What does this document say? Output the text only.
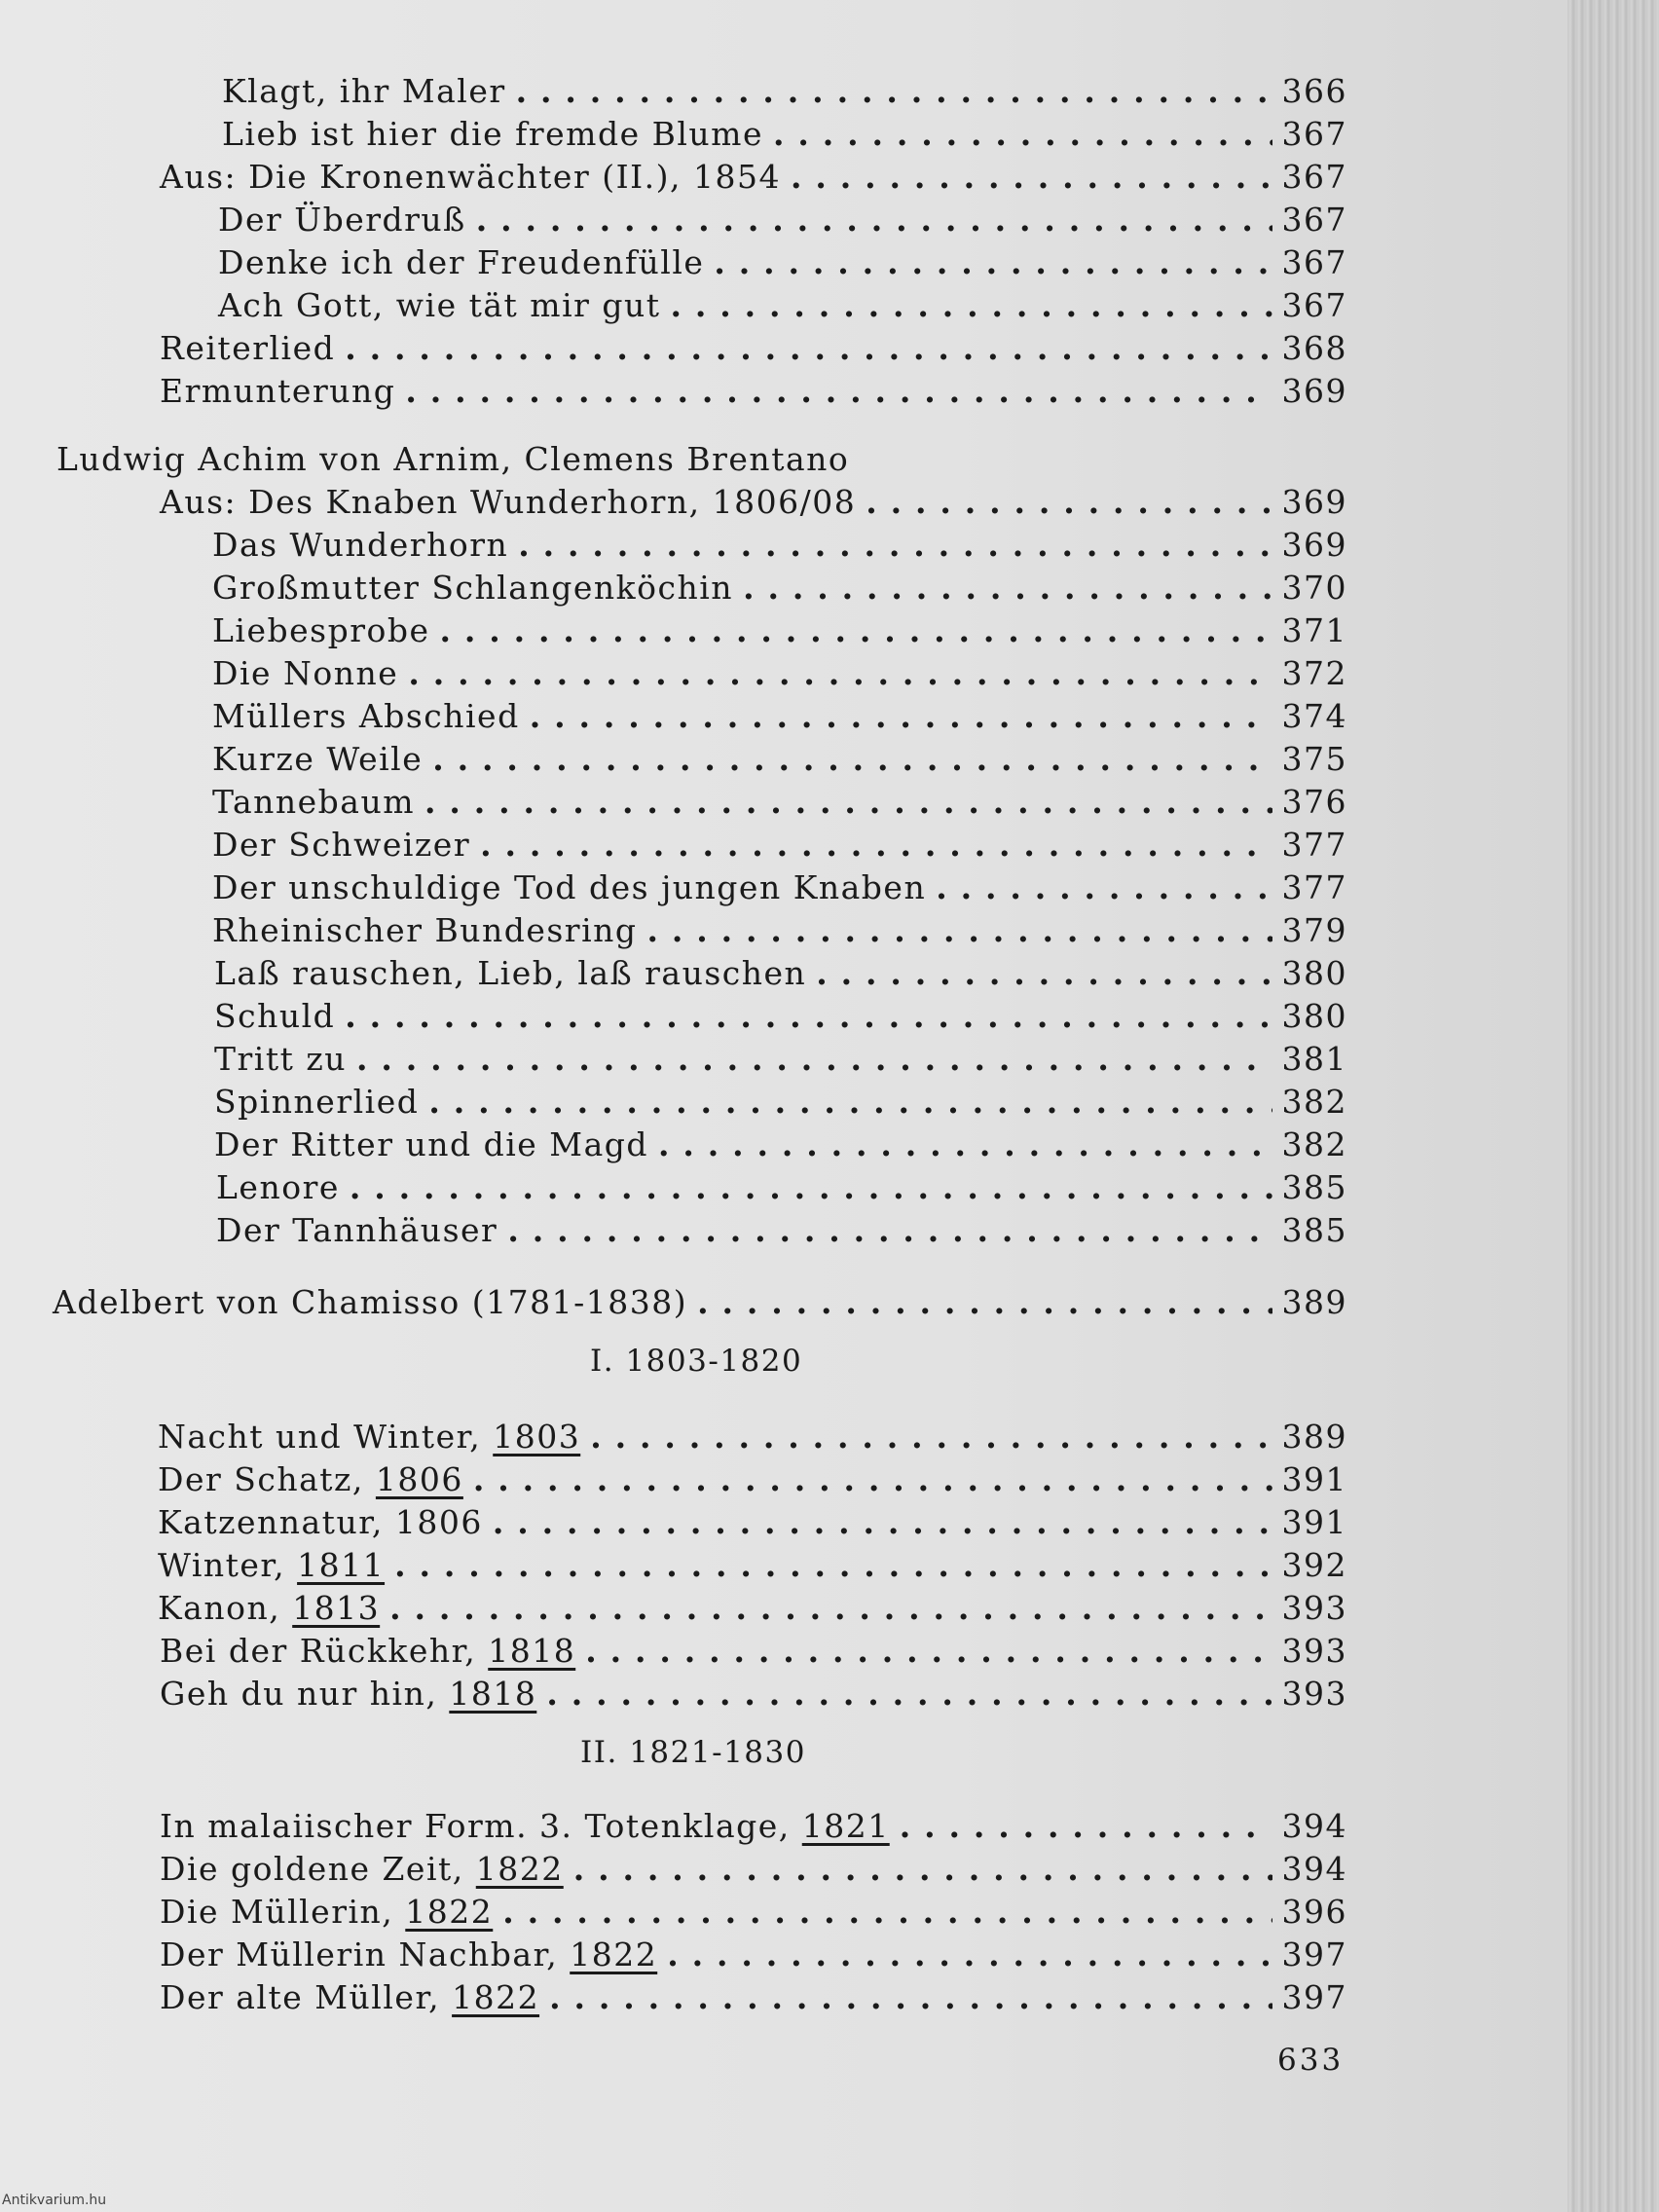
Klagt, ihr Maler . . .	366
Lieb ist hier die fremde Blume . . .	367
Aus: Die Kronenwächter (II.), 1854 . . .	367
Der Überdruß . . .	367
Denke ich der Freudenfülle . . .	367
Ach Gott, wie tät mir gut . . .	367
Reiterlied . . .	368
Ermunterung . . .	369
Ludwig Achim von Arnim, Clemens Brentano
Aus: Des Knaben Wunderhorn, 1806/08 . . .	369
Das Wunderhorn . . .	369
Großmutter Schlangenköchin . . .	370
Liebesprobe . . .	371
Die Nonne . . .	372
Müllers Abschied . . .	374
Kurze Weile . . .	375
Tannebaum . . .	376
Der Schweizer . . .	377
Der unschuldige Tod des jungen Knaben . . .	377
Rheinischer Bundesring . . .	379
Laß rauschen, Lieb, laß rauschen . . .	380
Schuld . . .	380
Tritt zu . . .	381
Spinnerlied . . .	382
Der Ritter und die Magd . . .	382
Lenore . . .	385
Der Tannhäuser . . .	385
Adelbert von Chamisso (1781-1838) . . .	389
I. 1803-1820
Nacht und Winter, 1803 . . .	389
Der Schatz, 1806 . . .	391
Katzennatur, 1806 . . .	391
Winter, 1811 . . .	392
Kanon, 1813 . . .	393
Bei der Rückkehr, 1818 . . .	393
Geh du nur hin, 1818 . . .	393
II. 1821-1830
In malaiischer Form. 3. Totenklage, 1821 . . .	394
Die goldene Zeit, 1822 . . .	394
Die Müllerin, 1822 . . .	396
Der Müllerin Nachbar, 1822 . . .	397
Der alte Müller, 1822 . . .	397
633
Antikvarium.hu
